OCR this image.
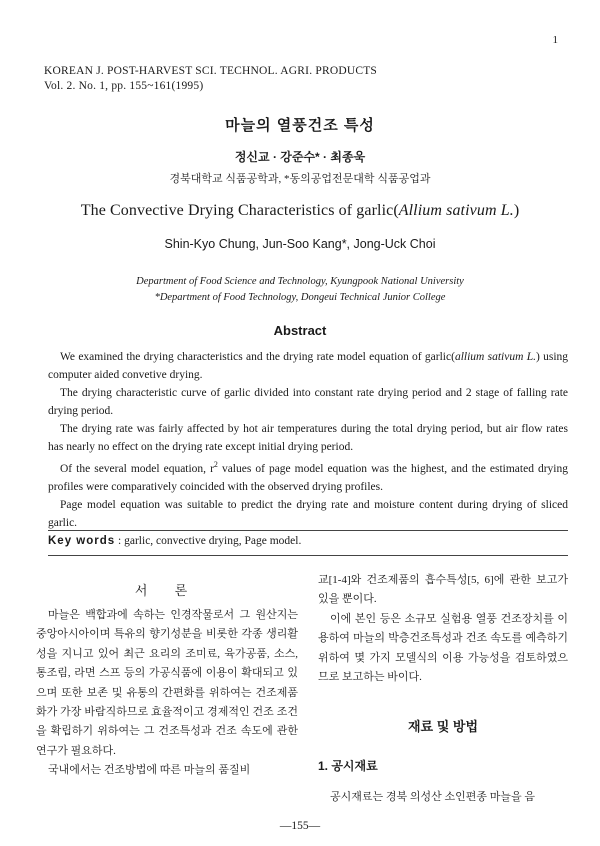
1
KOREAN J. POST-HARVEST SCI. TECHNOL. AGRI. PRODUCTS
Vol. 2. No. 1, pp. 155~161(1995)
마늘의 열풍건조 특성
정신교 · 강준수* · 최종욱
경북대학교 식품공학과, *동의공업전문대학 식품공업과
The Convective Drying Characteristics of garlic(Allium sativum L.)
Shin-Kyo Chung, Jun-Soo Kang*, Jong-Uck Choi
Department of Food Science and Technology, Kyungpook National University
*Department of Food Technology, Dongeui Technical Junior College
Abstract

We examined the drying characteristics and the drying rate model equation of garlic(allium sativum L.) using computer aided convetive drying.

The drying characteristic curve of garlic divided into constant rate drying period and 2 stage of falling rate drying period.

The drying rate was fairly affected by hot air temperatures during the total drying period, but air flow rates has nearly no effect on the drying rate except initial drying period.

Of the several model equation, $r^2$ values of page model equation was the highest, and the estimated drying profiles were comparatively coincided with the observed drying profiles.

Page model equation was suitable to predict the drying rate and moisture content during drying of sliced garlic.

Key words : garlic, convective drying, Page model.
서 론

마늘은 백합과에 속하는 인경작물로서 그 원산지는 중앙아시아이며 특유의 향기성분을 비롯한 각종 생리활성을 지니고 있어 최근 요리의 조미료, 육가공품, 소스, 통조림, 라면 스프 등의 가공식품에 이용이 확대되고 있으며 또한 보존 및 유통의 간편화를 위하여는 건조제품화가 가장 바람직하므로 효율적이고 경제적인 건조 조건을 확립하기 위하여는 그 건조특성과 건조 속도에 관한 연구가 필요하다.

국내에서는 건조방법에 따른 마늘의 품질비

교[1-4]와 건조제품의 흡수특성[5, 6]에 관한 보고가 있을 뿐이다.

이에 본인 등은 소규모 실험용 열풍 건조장치를 이용하여 마늘의 박층건조특성과 건조 속도를 예측하기 위하여 몇 가지 모델식의 이용 가능성을 검토하였으므로 보고하는 바이다.

재료 및 방법
1. 공시재료

공시재료는 경북 의성산 소인편종 마늘을 음

—155—
